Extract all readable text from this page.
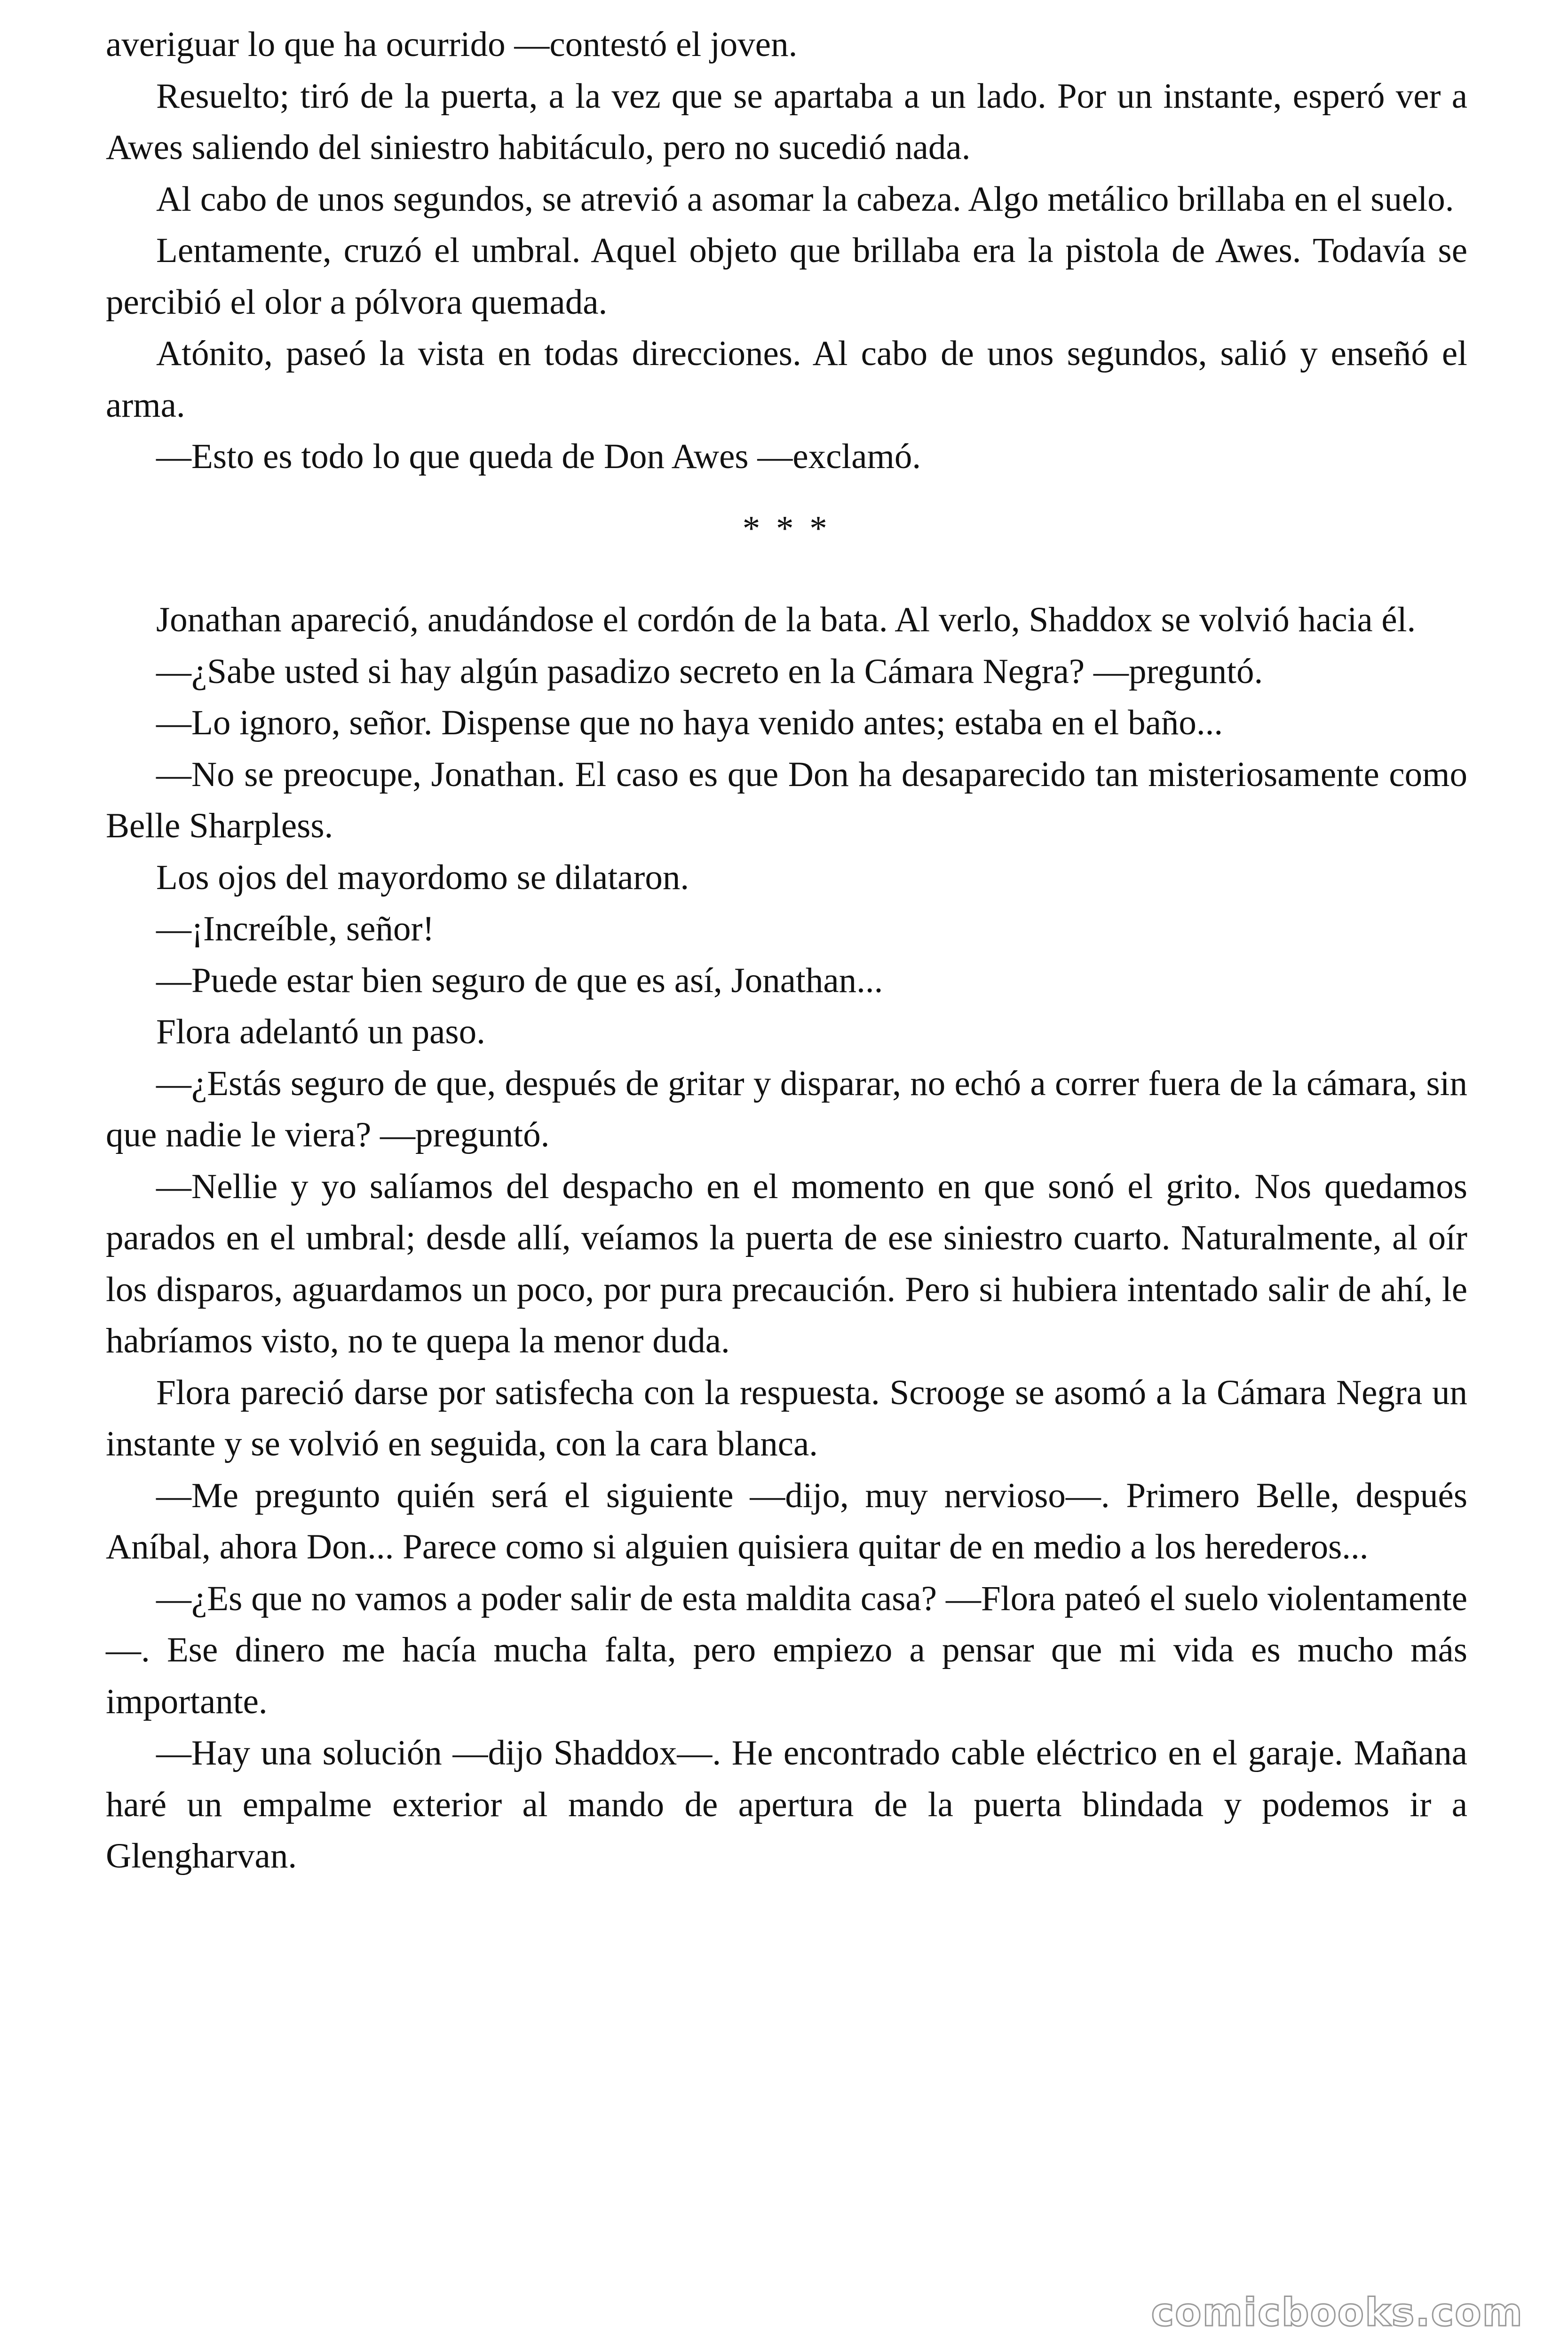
averiguar lo que ha ocurrido —contestó el joven.

Resuelto; tiró de la puerta, a la vez que se apartaba a un lado. Por un instante, esperó ver a Awes saliendo del siniestro habitáculo, pero no sucedió nada.

Al cabo de unos segundos, se atrevió a asomar la cabeza. Algo metálico brillaba en el suelo.

Lentamente, cruzó el umbral. Aquel objeto que brillaba era la pistola de Awes. Todavía se percibió el olor a pólvora quemada.

Atónito, paseó la vista en todas direcciones. Al cabo de unos segundos, salió y enseñó el arma.

—Esto es todo lo que queda de Don Awes —exclamó.

* * *

Jonathan apareció, anudándose el cordón de la bata. Al verlo, Shaddox se volvió hacia él.

—¿Sabe usted si hay algún pasadizo secreto en la Cámara Negra? —preguntó.

—Lo ignoro, señor. Dispense que no haya venido antes; estaba en el baño...

—No se preocupe, Jonathan. El caso es que Don ha desaparecido tan misteriosamente como Belle Sharpless.

Los ojos del mayordomo se dilataron.

—¡Increíble, señor!

—Puede estar bien seguro de que es así, Jonathan...

Flora adelantó un paso.

—¿Estás seguro de que, después de gritar y disparar, no echó a correr fuera de la cámara, sin que nadie le viera? —preguntó.

—Nellie y yo salíamos del despacho en el momento en que sonó el grito. Nos quedamos parados en el umbral; desde allí, veíamos la puerta de ese siniestro cuarto. Naturalmente, al oír los disparos, aguardamos un poco, por pura precaución. Pero si hubiera intentado salir de ahí, le habríamos visto, no te quepa la menor duda.

Flora pareció darse por satisfecha con la respuesta. Scrooge se asomó a la Cámara Negra un instante y se volvió en seguida, con la cara blanca.

—Me pregunto quién será el siguiente —dijo, muy nervioso—. Primero Belle, después Aníbal, ahora Don... Parece como si alguien quisiera quitar de en medio a los herederos...

—¿Es que no vamos a poder salir de esta maldita casa? —Flora pateó el suelo violentamente—. Ese dinero me hacía mucha falta, pero empiezo a pensar que mi vida es mucho más importante.

—Hay una solución —dijo Shaddox—. He encontrado cable eléctrico en el garaje. Mañana haré un empalme exterior al mando de apertura de la puerta blindada y podemos ir a Glengharvan.

comicbooks.com
